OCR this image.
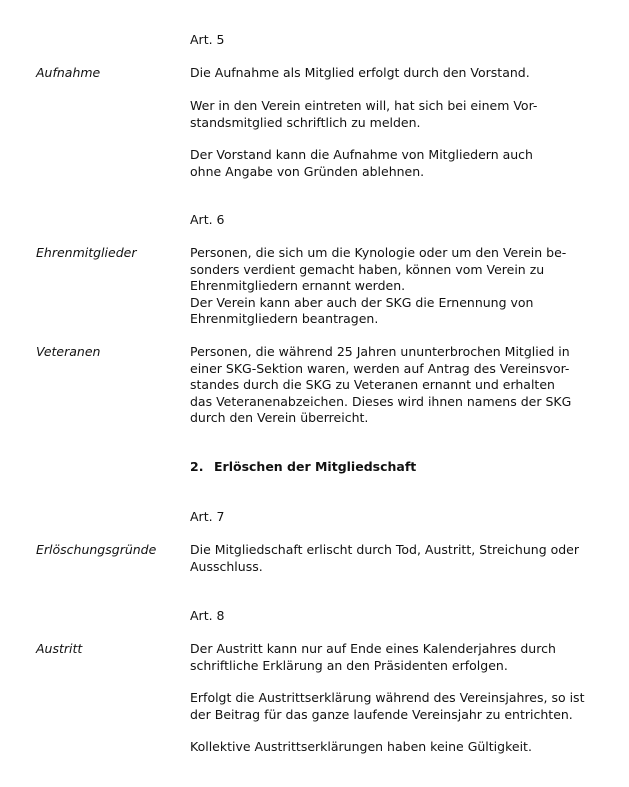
Art. 5
Aufnahme	Die Aufnahme als Mitglied erfolgt durch den Vorstand.
Wer in den Verein eintreten will, hat sich bei einem Vor-
standsmitglied schriftlich zu melden.
Der Vorstand kann die Aufnahme von Mitgliedern auch
ohne Angabe von Gründen ablehnen.
Art. 6
Ehrenmitglieder	Personen, die sich um die Kynologie oder um den Verein be-
sonders verdient gemacht haben, können vom Verein zu
Ehrenmitgliedern ernannt werden.
Der Verein kann aber auch der SKG die Ernennung von
Ehrenmitgliedern beantragen.
Veteranen	Personen, die während 25 Jahren ununterbrochen Mitglied in
einer SKG-Sektion waren, werden auf Antrag des Vereinsvor-
standes durch die SKG zu Veteranen ernannt und erhalten
das Veteranenabzeichen. Dieses wird ihnen namens der SKG
durch den Verein überreicht.
2. Erlöschen der Mitgliedschaft
Art. 7
Erlöschungsgründe	Die Mitgliedschaft erlischt durch Tod, Austritt, Streichung oder
Ausschluss.
Art. 8
Austritt	Der Austritt kann nur auf Ende eines Kalenderjahres durch
schriftliche Erklärung an den Präsidenten erfolgen.
Erfolgt die Austrittserklärung während des Vereinsjahres, so ist
der Beitrag für das ganze laufende Vereinsjahr zu entrichten.
Kollektive Austrittserklärungen haben keine Gültigkeit.
